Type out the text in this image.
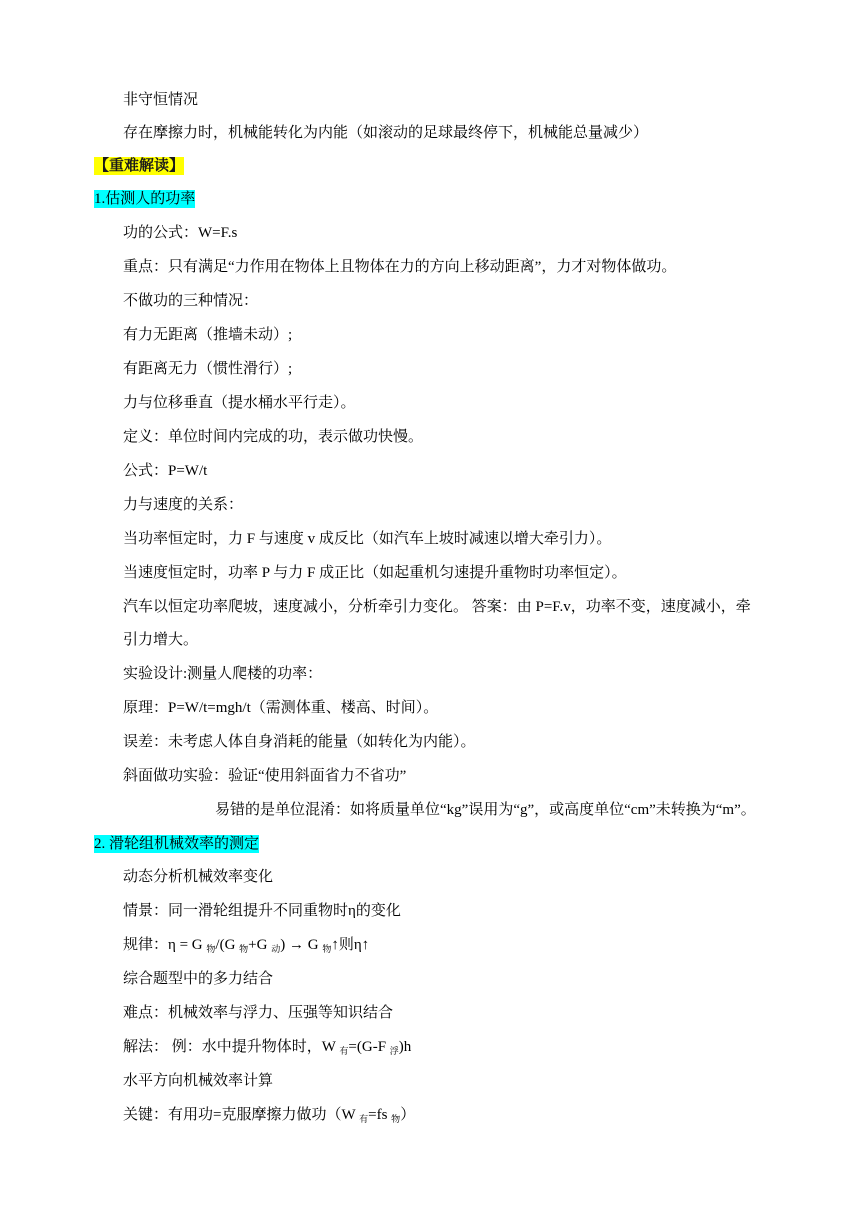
非守恒情况
存在摩擦力时，机械能转化为内能（如滚动的足球最终停下，机械能总量减少）
【重难解读】
1.估测人的功率
功的公式：W=F.s
重点：只有满足“力作用在物体上且物体在力的方向上移动距离”，力才对物体做功。
不做功的三种情况：
有力无距离（推墙未动）;
有距离无力（惯性滑行）;
力与位移垂直（提水桶水平行走）。
定义：单位时间内完成的功，表示做功快慢。
公式：P=W/t
力与速度的关系：
当功率恒定时，力 F 与速度 v 成反比（如汽车上坡时减速以增大牵引力）。
当速度恒定时，功率 P 与力 F 成正比（如起重机匀速提升重物时功率恒定）。
汽车以恒定功率爬坡，速度减小，分析牵引力变化。 答案：由 P=F.v，功率不变，速度减小，牵
引力增大。
实验设计:测量人爬楼的功率：
原理：P=W/t=mgh/t（需测体重、楼高、时间）。
误差：未考虑人体自身消耗的能量（如转化为内能）。
斜面做功实验：验证“使用斜面省力不省功”
易错的是单位混淆：如将质量单位“kg”误用为“g”，或高度单位“cm”未转换为“m”。
2. 滑轮组机械效率的测定
动态分析机械效率变化
情景：同一滑轮组提升不同重物时η的变化
规律：η = G $_物$/(G $_物$+G $_动$) → G $_物$↑则η↑
综合题型中的多力结合
难点：机械效率与浮力、压强等知识结合
解法： 例：水中提升物体时，W $_有$=(G-F $_浮$)h
水平方向机械效率计算
关键：有用功=克服摩擦力做功（W $_有$=fs $_物$）
